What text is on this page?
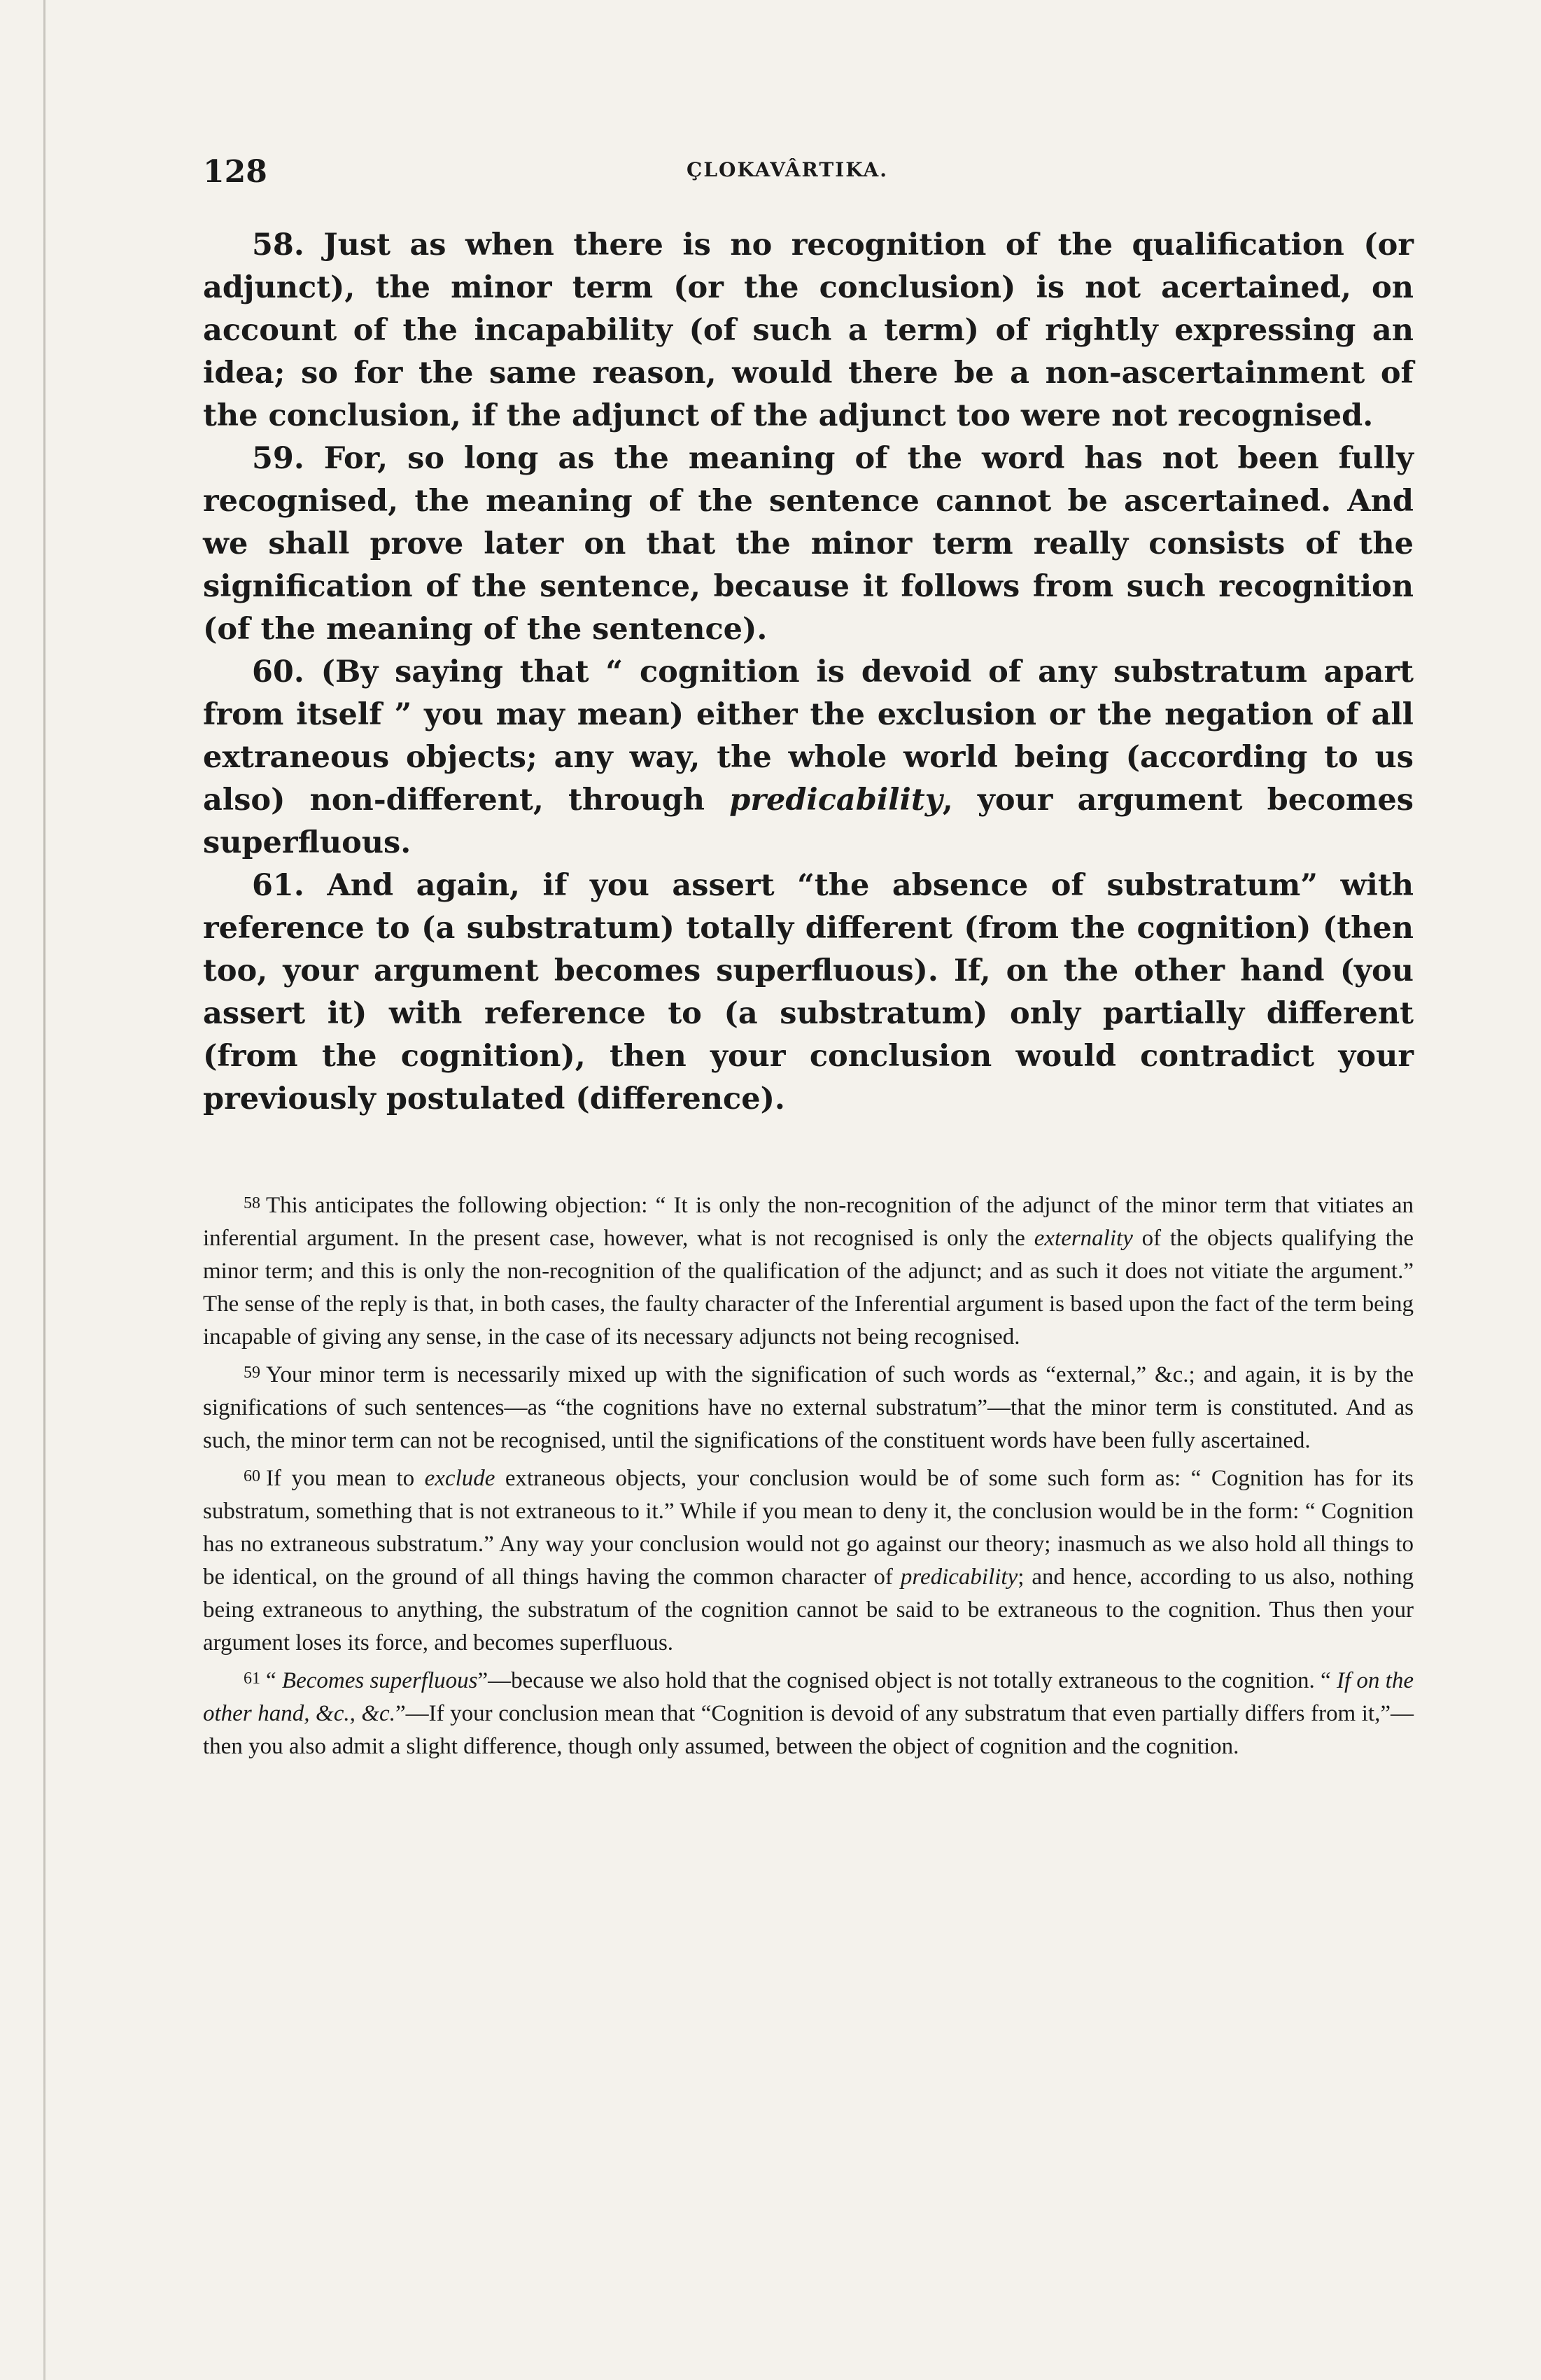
128	ÇLOKAVÂRTIKA.

58. Just as when there is no recognition of the qualification (or adjunct), the minor term (or the conclusion) is not acertained, on account of the incapability (of such a term) of rightly expressing an idea; so for the same reason, would there be a non-ascertainment of the conclusion, if the adjunct of the adjunct too were not recognised.

59. For, so long as the meaning of the word has not been fully recognised, the meaning of the sentence cannot be ascertained. And we shall prove later on that the minor term really consists of the signification of the sentence, because it follows from such recognition (of the meaning of the sentence).

60. (By saying that “ cognition is devoid of any substratum apart from itself ” you may mean) either the exclusion or the negation of all extraneous objects; any way, the whole world being (according to us also) non-different, through predicability, your argument becomes superfluous.

61. And again, if you assert “the absence of substratum” with reference to (a substratum) totally different (from the cognition) (then too, your argument becomes superfluous). If, on the other hand (you assert it) with reference to (a substratum) only partially different (from the cognition), then your conclusion would contradict your previously postulated (difference).

58 This anticipates the following objection: “ It is only the non-recognition of the adjunct of the minor term that vitiates an inferential argument. In the present case, however, what is not recognised is only the externality of the objects qualifying the minor term; and this is only the non-recognition of the qualification of the adjunct; and as such it does not vitiate the argument.” The sense of the reply is that, in both cases, the faulty character of the Inferential argument is based upon the fact of the term being incapable of giving any sense, in the case of its necessary adjuncts not being recognised.

59 Your minor term is necessarily mixed up with the signification of such words as “external,” &c.; and again, it is by the significations of such sentences—as “the cognitions have no external substratum”—that the minor term is constituted. And as such, the minor term can not be recognised, until the significations of the constituent words have been fully ascertained.

60 If you mean to exclude extraneous objects, your conclusion would be of some such form as: “ Cognition has for its substratum, something that is not extraneous to it.” While if you mean to deny it, the conclusion would be in the form: “ Cognition has no extraneous substratum.” Any way your conclusion would not go against our theory; inasmuch as we also hold all things to be identical, on the ground of all things having the common character of predicability; and hence, according to us also, nothing being extraneous to anything, the substratum of the cognition cannot be said to be extraneous to the cognition. Thus then your argument loses its force, and becomes superfluous.

61 “ Becomes superfluous”—because we also hold that the cognised object is not totally extraneous to the cognition. “ If on the other hand, &c., &c.”—If your conclusion mean that “Cognition is devoid of any substratum that even partially differs from it,”—then you also admit a slight difference, though only assumed, between the object of cognition and the cognition.
